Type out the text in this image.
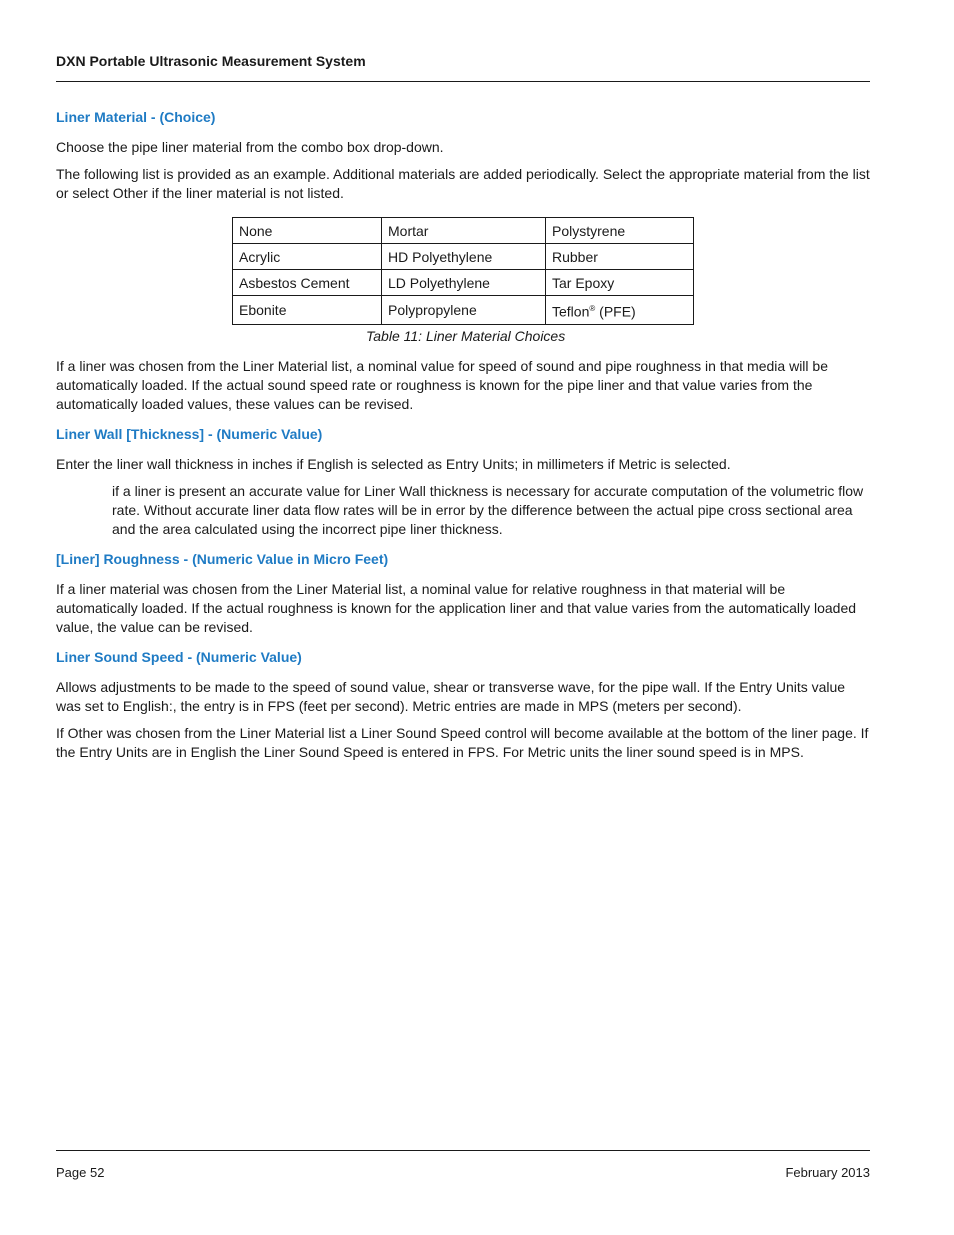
DXN Portable Ultrasonic Measurement System
Liner Material - (Choice)

Choose the pipe liner material from the combo box drop-down.

The following list is provided as an example. Additional materials are added periodically. Select the appropriate material from the list or select Other if the liner material is not listed.

None	Mortar	Polystyrene
Acrylic	HD Polyethylene	Rubber
Asbestos Cement	LD Polyethylene	Tar Epoxy
Ebonite	Polypropylene	Teflon® (PFE)
Table 11: Liner Material Choices

If a liner was chosen from the Liner Material list, a nominal value for speed of sound and pipe roughness in that media will be automatically loaded. If the actual sound speed rate or roughness is known for the pipe liner and that value varies from the automatically loaded values, these values can be revised.

Liner Wall [Thickness] - (Numeric Value)

Enter the liner wall thickness in inches if English is selected as Entry Units; in millimeters if Metric is selected.

if a liner is present an accurate value for Liner Wall thickness is necessary for accurate computation of the volumetric flow rate. Without accurate liner data flow rates will be in error by the difference between the actual pipe cross sectional area and the area calculated using the incorrect pipe liner thickness.

[Liner] Roughness - (Numeric Value in Micro Feet)

If a liner material was chosen from the Liner Material list, a nominal value for relative roughness in that material will be automatically loaded. If the actual roughness is known for the application liner and that value varies from the automatically loaded value, the value can be revised.

Liner Sound Speed - (Numeric Value)

Allows adjustments to be made to the speed of sound value, shear or transverse wave, for the pipe wall. If the Entry Units value was set to English:, the entry is in FPS (feet per second). Metric entries are made in MPS (meters per second).

If Other was chosen from the Liner Material list a Liner Sound Speed control will become available at the bottom of the liner page. If the Entry Units are in English the Liner Sound Speed is entered in FPS. For Metric units the liner sound speed is in MPS.

Page 52	February 2013
